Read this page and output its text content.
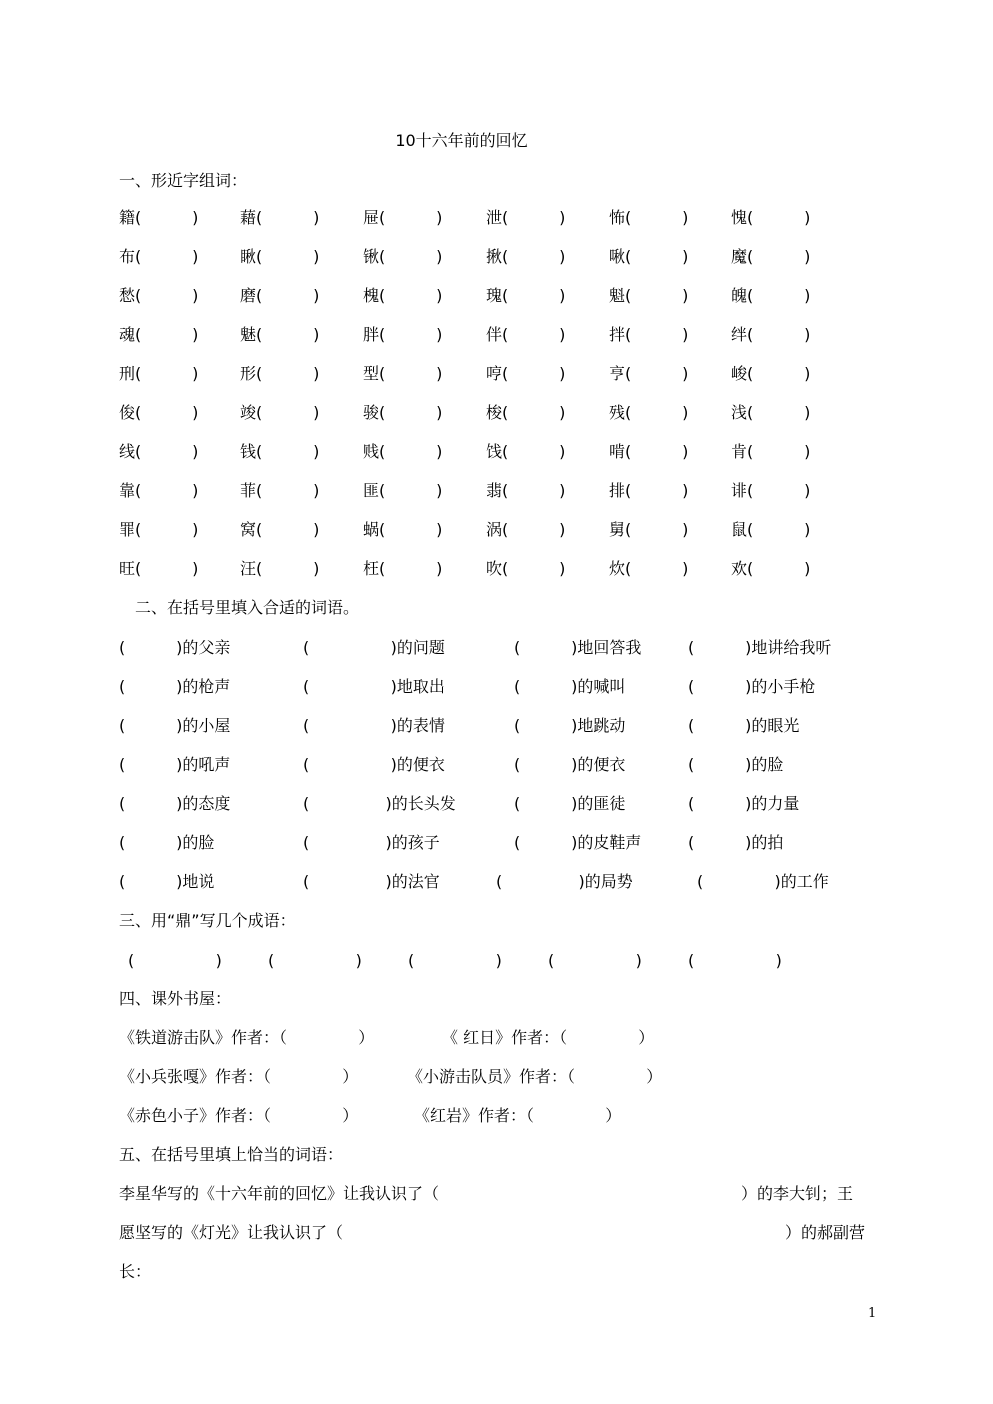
10十六年前的回忆
一、形近字组词：
籍(          )	藉(          )	屉(          )	泄(          )	怖(          )	愧(          )
布(          )	瞅(          )	锹(          )	揪(          )	啾(          )	魔(          )
愁(          )	磨(          )	槐(          )	瑰(          )	魁(          )	魄(          )
魂(          )	魅(          )	胖(          )	伴(          )	拌(          )	绊(          )
刑(          )	形(          )	型(          )	哼(          )	亨(          )	峻(          )
俊(          )	竣(          )	骏(          )	梭(          )	残(          )	浅(          )
线(          )	钱(          )	贱(          )	饯(          )	啃(          )	肯(          )
靠(          )	菲(          )	匪(          )	翡(          )	排(          )	诽(          )
罪(          )	窝(          )	蜗(          )	涡(          )	舅(          )	鼠(          )
旺(          )	汪(          )	枉(          )	吹(          )	炊(          )	欢(          )
二、在括号里填入合适的词语。
(          )的父亲	(                )的问题	(          )地回答我	(          )地讲给我听
(          )的枪声	(                )地取出	(          )的喊叫	(          )的小手枪
(          )的小屋	(                )的表情	(          )地跳动	(          )的眼光
(          )的吼声	(                )的便衣	(          )的便衣	(          )的脸
(          )的态度	(               )的长头发	(          )的匪徒	(          )的力量
(          )的脸	(               )的孩子	(          )的皮鞋声	(          )的拍
(          )地说	(               )的法官	(               )的局势	(              )的工作
三、用“鼎”写几个成语：
(                )	(                )	(                )	(                )	(                )
四、课外书屋：
《铁道游击队》作者：（              ）	《 红日》作者：（              ）
《小兵张嘎》作者：（              ）	《小游击队员》作者：（              ）
《赤色小子》作者：（              ）	《红岩》作者：（              ）
五、在括号里填上恰当的词语：
李星华写的《十六年前的回忆》让我认识了（	）的李大钊；王
愿坚写的《灯光》让我认识了（	）的郝副营
长：
1
